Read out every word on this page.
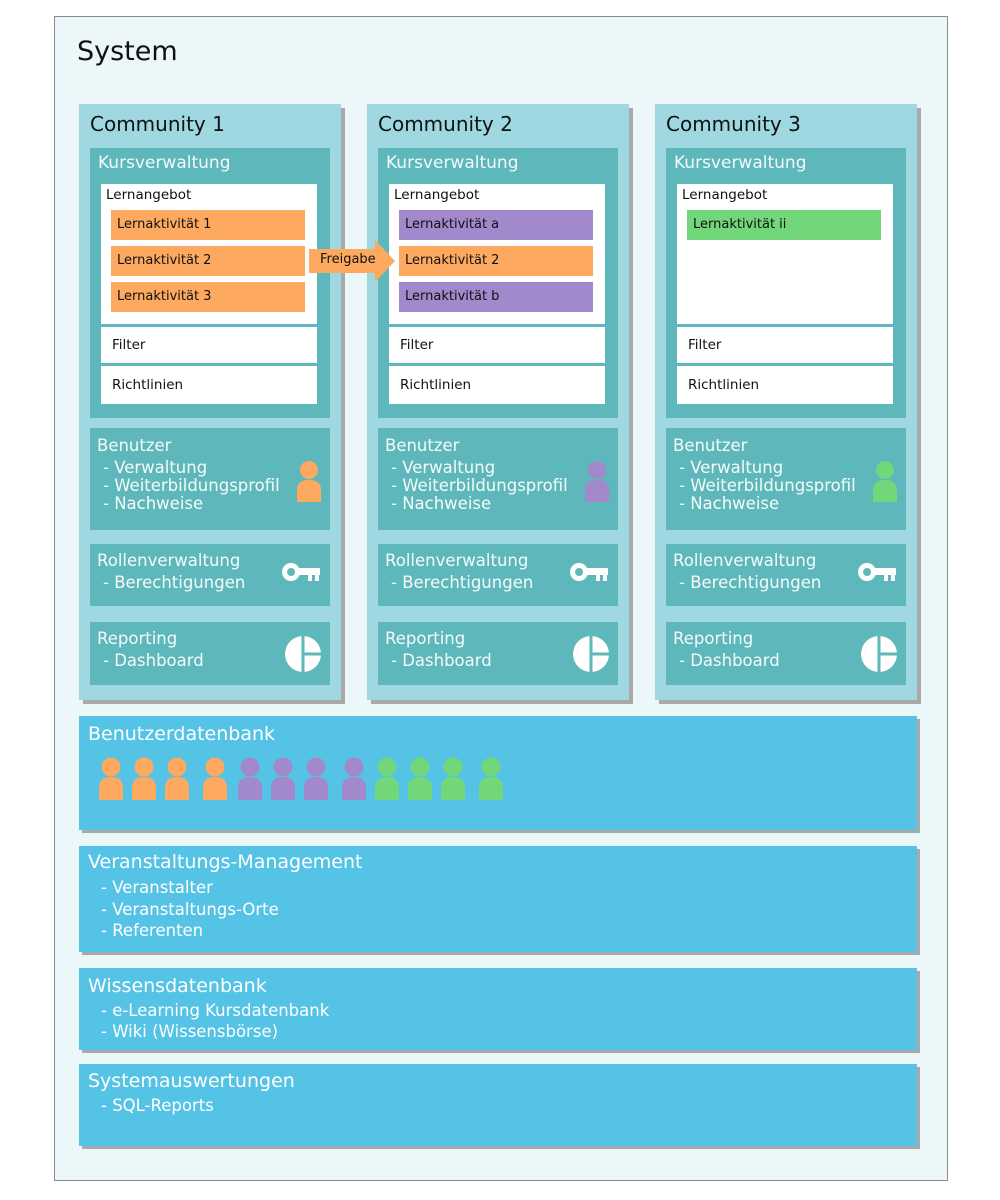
System
Community 1
Kursverwaltung
Lernangebot
Lernaktivität 1
Lernaktivität 2
Lernaktivität 3
Filter
Richtlinien
Benutzer
- Verwaltung
- Weiterbildungsprofil
- Nachweise
Rollenverwaltung
- Berechtigungen
Reporting
- Dashboard
Community 2
Kursverwaltung
Lernangebot
Lernaktivität a
Lernaktivität 2
Lernaktivität b
Filter
Richtlinien
Benutzer
- Verwaltung
- Weiterbildungsprofil
- Nachweise
Rollenverwaltung
- Berechtigungen
Reporting
- Dashboard
Community 3
Kursverwaltung
Lernangebot
Lernaktivität ii
Filter
Richtlinien
Benutzer
- Verwaltung
- Weiterbildungsprofil
- Nachweise
Rollenverwaltung
- Berechtigungen
Reporting
- Dashboard
Freigabe
Benutzerdatenbank
Veranstaltungs-Management
- Veranstalter
- Veranstaltungs-Orte
- Referenten
Wissensdatenbank
- e-Learning Kursdatenbank
- Wiki (Wissensbörse)
Systemauswertungen
- SQL-Reports
